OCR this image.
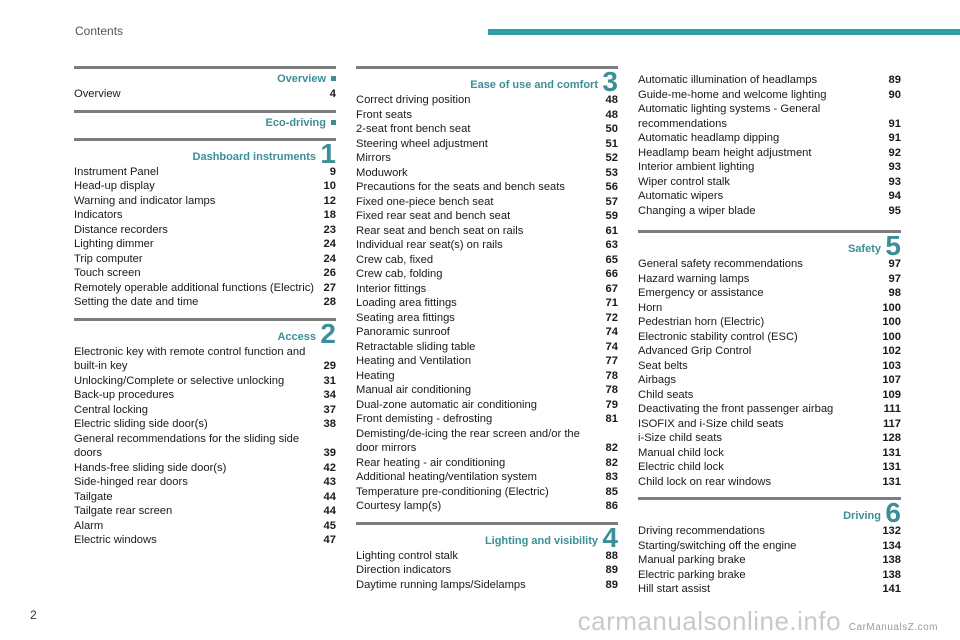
Contents
Overview
Overview	4
Eco-driving
Dashboard instruments 1
Instrument Panel	9
Head-up display	10
Warning and indicator lamps	12
Indicators	18
Distance recorders	23
Lighting dimmer	24
Trip computer	24
Touch screen	26
Remotely operable additional functions (Electric) 27
Setting the date and time	28
Access 2
Electronic key with remote control function and built-in key	29
Unlocking/Complete or selective unlocking	31
Back-up procedures	34
Central locking	37
Electric sliding side door(s)	38
General recommendations for the sliding side doors	39
Hands-free sliding side door(s)	42
Side-hinged rear doors	43
Tailgate	44
Tailgate rear screen	44
Alarm	45
Electric windows	47
Ease of use and comfort 3
Correct driving position	48
Front seats	48
2-seat front bench seat	50
Steering wheel adjustment	51
Mirrors	52
Moduwork	53
Precautions for the seats and bench seats	56
Fixed one-piece bench seat	57
Fixed rear seat and bench seat	59
Rear seat and bench seat on rails	61
Individual rear seat(s) on rails	63
Crew cab, fixed	65
Crew cab, folding	66
Interior fittings	67
Loading area fittings	71
Seating area fittings	72
Panoramic sunroof	74
Retractable sliding table	74
Heating and Ventilation	77
Heating	78
Manual air conditioning	78
Dual-zone automatic air conditioning	79
Front demisting - defrosting	81
Demisting/de-icing the rear screen and/or the door mirrors	82
Rear heating - air conditioning	82
Additional heating/ventilation system	83
Temperature pre-conditioning (Electric)	85
Courtesy lamp(s)	86
Lighting and visibility 4
Lighting control stalk	88
Direction indicators	89
Daytime running lamps/Sidelamps	89
Automatic illumination of headlamps	89
Guide-me-home and welcome lighting	90
Automatic lighting systems - General recommendations	91
Automatic headlamp dipping	91
Headlamp beam height adjustment	92
Interior ambient lighting	93
Wiper control stalk	93
Automatic wipers	94
Changing a wiper blade	95
Safety 5
General safety recommendations	97
Hazard warning lamps	97
Emergency or assistance	98
Horn	100
Pedestrian horn (Electric)	100
Electronic stability control (ESC)	100
Advanced Grip Control	102
Seat belts	103
Airbags	107
Child seats	109
Deactivating the front passenger airbag	111
ISOFIX and i-Size child seats	117
i-Size child seats	128
Manual child lock	131
Electric child lock	131
Child lock on rear windows	131
Driving 6
Driving recommendations	132
Starting/switching off the engine	134
Manual parking brake	138
Electric parking brake	138
Hill start assist	141
2	carmanualsonline.info CarManualsZ.com
